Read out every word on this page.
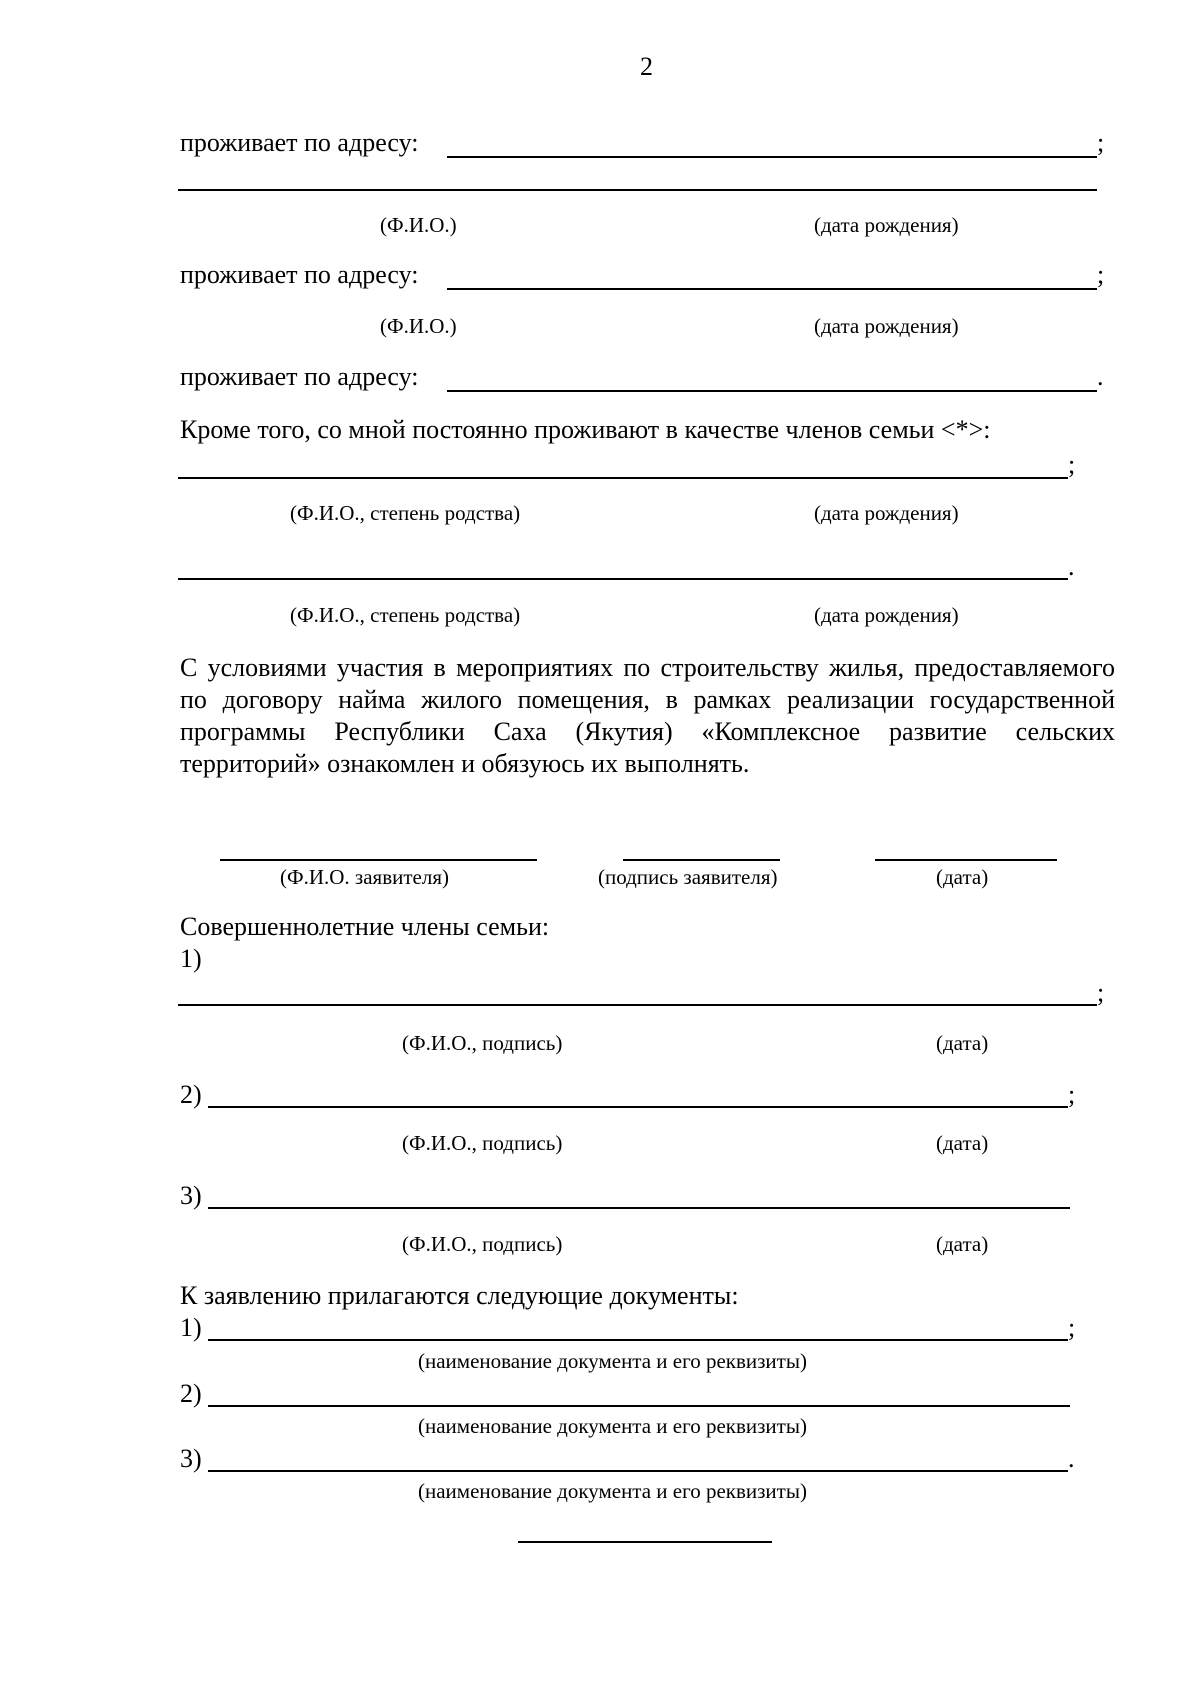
2
проживает по адресу:	;
(Ф.И.О.)	(дата рождения)
проживает по адресу:	;
(Ф.И.О.)	(дата рождения)
проживает по адресу:	.
Кроме того, со мной постоянно проживают в качестве членов семьи <*>:
;
(Ф.И.О., степень родства)	(дата рождения)
.
(Ф.И.О., степень родства)	(дата рождения)
С условиями участия в мероприятиях по строительству жилья, предоставляемого по договору найма жилого помещения, в рамках реализации государственной программы Республики Саха (Якутия) «Комплексное развитие сельских территорий» ознакомлен и обязуюсь их выполнять.
(Ф.И.О. заявителя)	(подпись заявителя)	(дата)
Совершеннолетние члены семьи:
1)
;
(Ф.И.О., подпись)	(дата)
2)	;
(Ф.И.О., подпись)	(дата)
3)
(Ф.И.О., подпись)	(дата)
К заявлению прилагаются следующие документы:
1)	;
(наименование документа и его реквизиты)
2)
(наименование документа и его реквизиты)
3)	.
(наименование документа и его реквизиты)
